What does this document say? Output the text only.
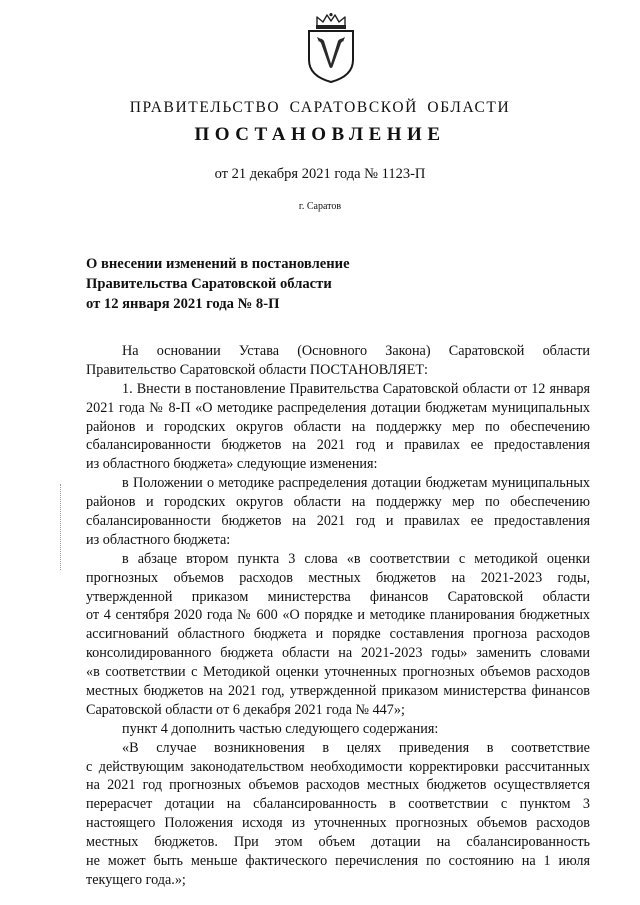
ПРАВИТЕЛЬСТВО САРАТОВСКОЙ ОБЛАСТИ
ПОСТАНОВЛЕНИЕ
от 21 декабря 2021 года № 1123-П
г. Саратов
О внесении изменений в постановление
Правительства Саратовской области
от 12 января 2021 года № 8-П
На основании Устава (Основного Закона) Саратовской области
Правительство Саратовской области ПОСТАНОВЛЯЕТ:
1. Внести в постановление Правительства Саратовской области от 12 января
2021 года № 8-П «О методике распределения дотации бюджетам муниципальных
районов и городских округов области на поддержку мер по обеспечению
сбалансированности бюджетов на 2021 год и правилах ее предоставления
из областного бюджета» следующие изменения:
в Положении о методике распределения дотации бюджетам муниципальных
районов и городских округов области на поддержку мер по обеспечению
сбалансированности бюджетов на 2021 год и правилах ее предоставления
из областного бюджета:
в абзаце втором пункта 3 слова «в соответствии с методикой оценки
прогнозных объемов расходов местных бюджетов на 2021-2023 годы,
утвержденной приказом министерства финансов Саратовской области
от 4 сентября 2020 года № 600 «О порядке и методике планирования бюджетных
ассигнований областного бюджета и порядке составления прогноза расходов
консолидированного бюджета области на 2021-2023 годы» заменить словами
«в соответствии с Методикой оценки уточненных прогнозных объемов расходов
местных бюджетов на 2021 год, утвержденной приказом министерства финансов
Саратовской области от 6 декабря 2021 года № 447»;
пункт 4 дополнить частью следующего содержания:
«В случае возникновения в целях приведения в соответствие
с действующим законодательством необходимости корректировки рассчитанных
на 2021 год прогнозных объемов расходов местных бюджетов осуществляется
перерасчет дотации на сбалансированность в соответствии с пунктом 3
настоящего Положения исходя из уточненных прогнозных объемов расходов
местных бюджетов. При этом объем дотации на сбалансированность
не может быть меньше фактического перечисления по состоянию на 1 июля
текущего года.»;
